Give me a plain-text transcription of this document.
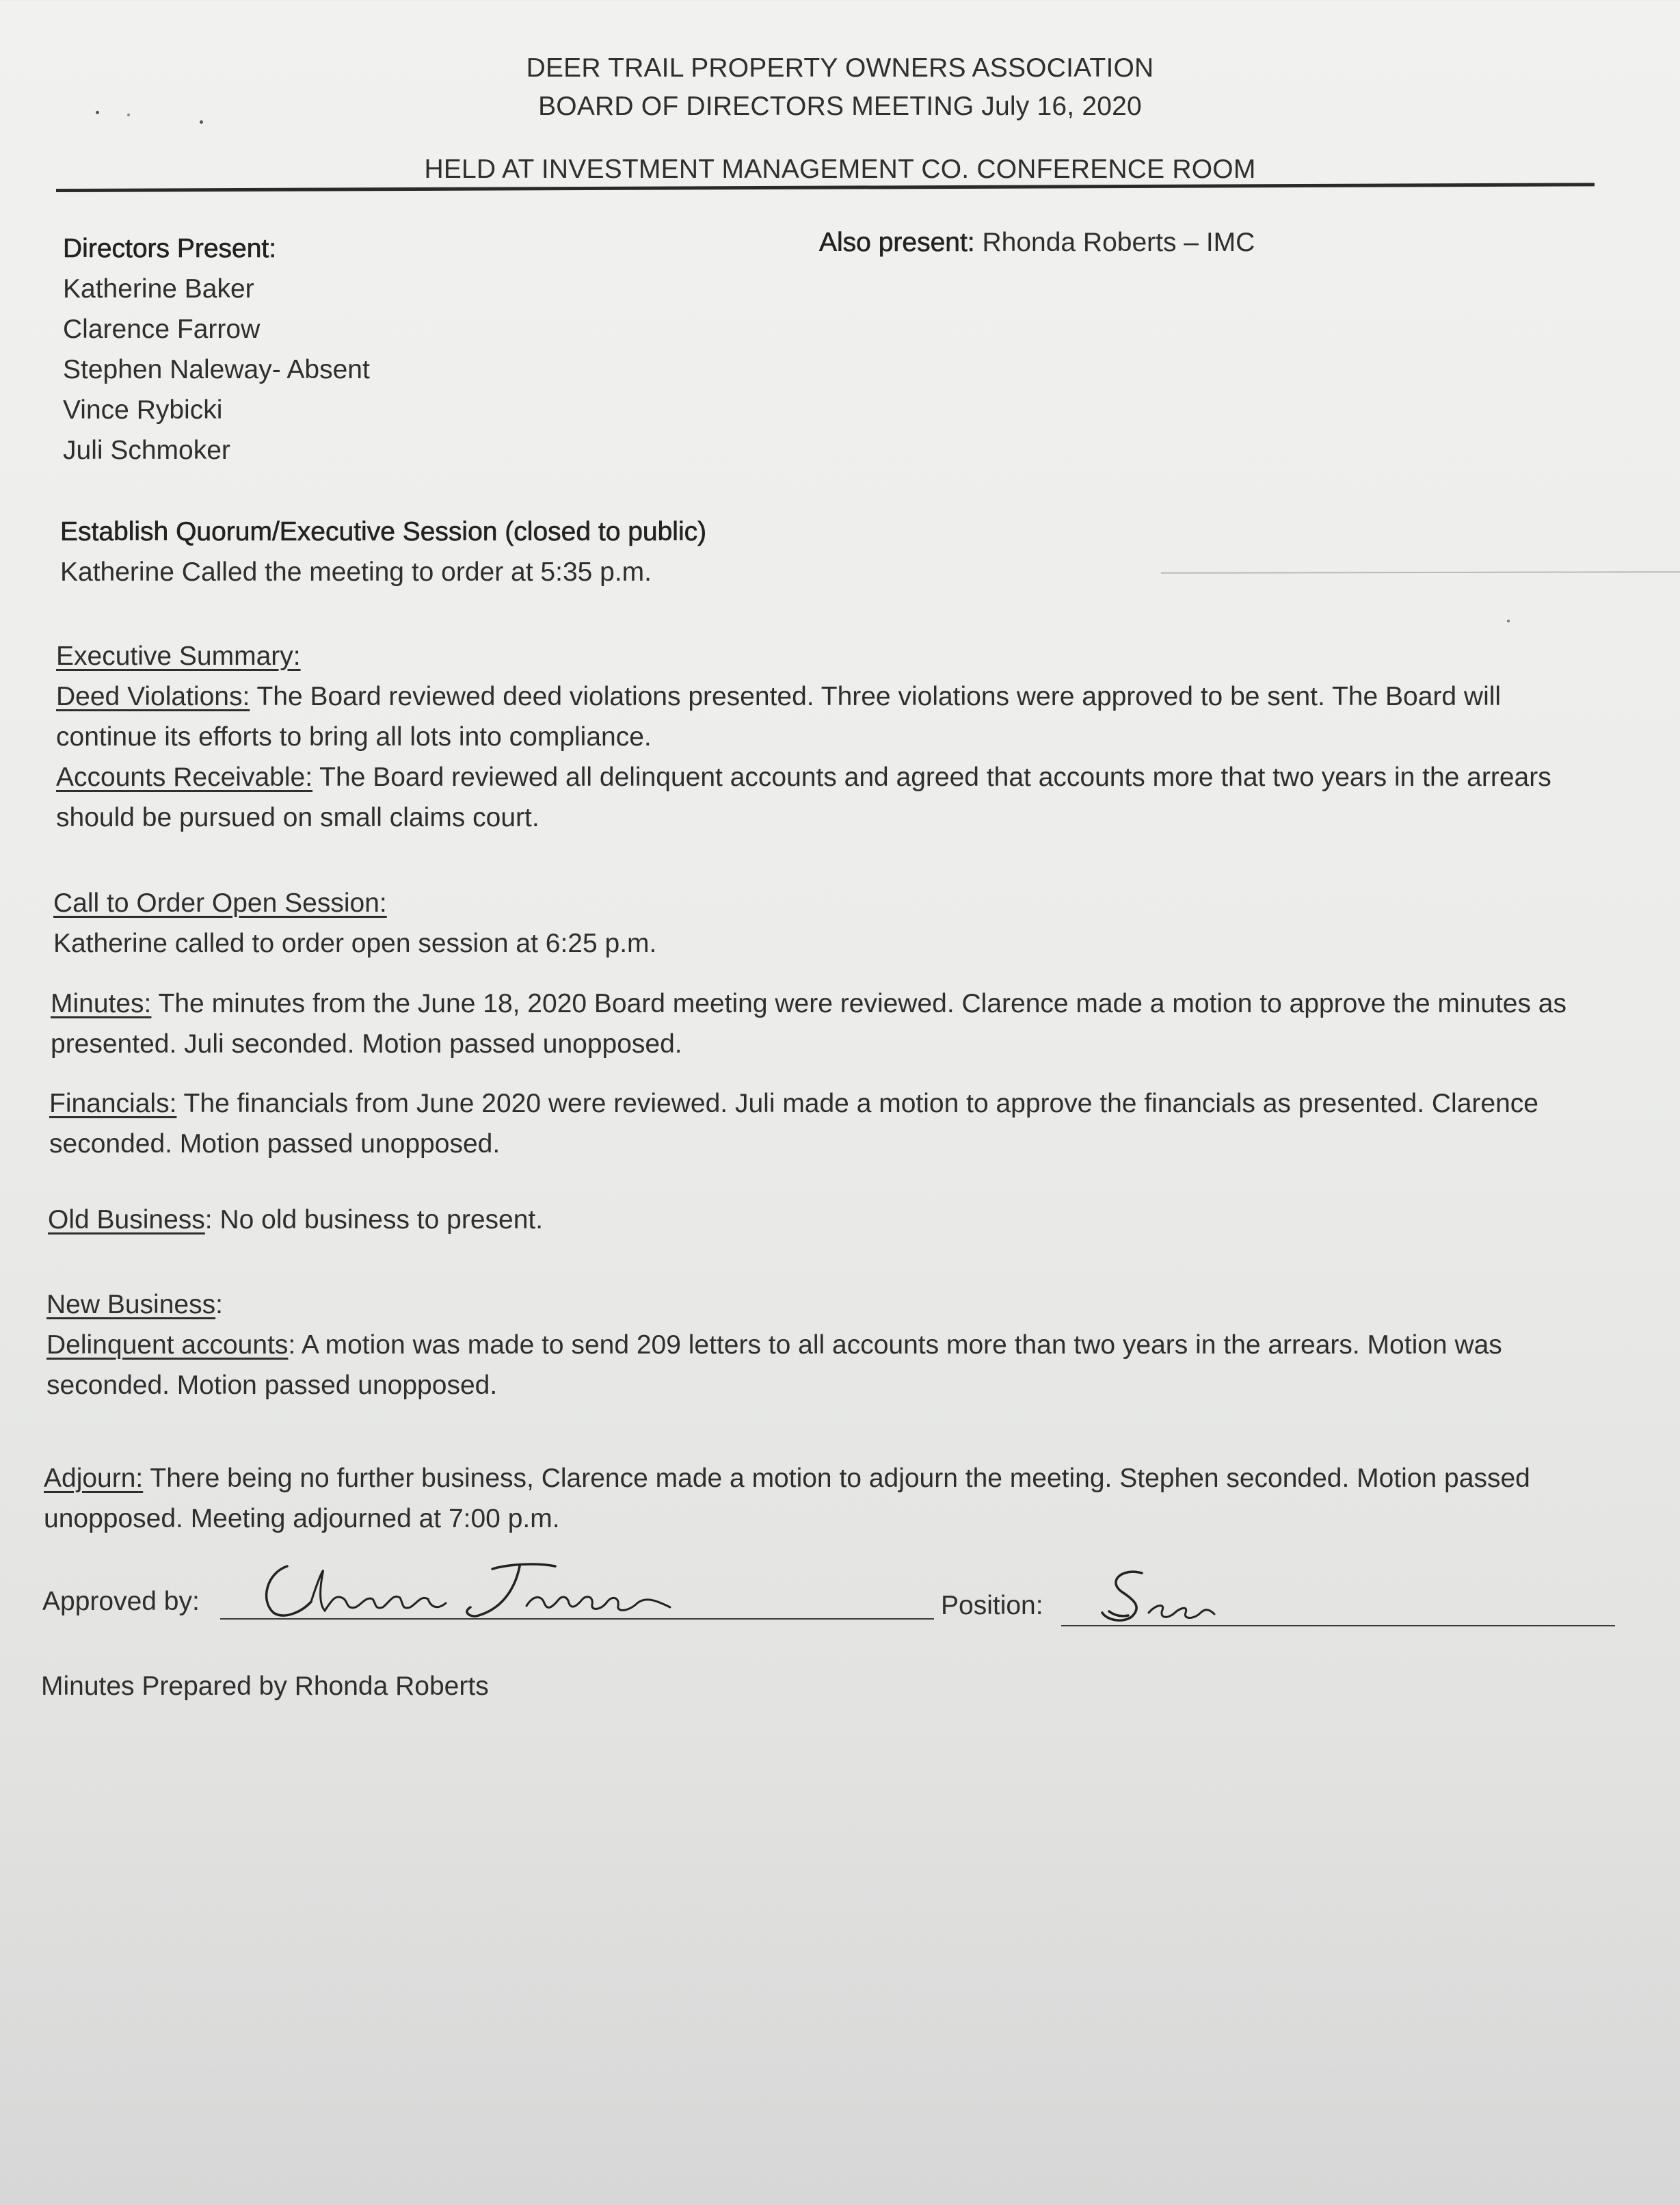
DEER TRAIL PROPERTY OWNERS ASSOCIATION
BOARD OF DIRECTORS MEETING July 16, 2020
HELD AT INVESTMENT MANAGEMENT CO. CONFERENCE ROOM

Directors Present:

Katherine Baker

Clarence Farrow

Stephen Naleway- Absent

Vince Rybicki

Juli Schmoker

Also present: Rhonda Roberts – IMC

Establish Quorum/Executive Session (closed to public)

Katherine Called the meeting to order at 5:35 p.m.

Executive Summary:

Deed Violations: The Board reviewed deed violations presented. Three violations were approved to be sent. The Board will continue its efforts to bring all lots into compliance.

Accounts Receivable: The Board reviewed all delinquent accounts and agreed that accounts more that two years in the arrears should be pursued on small claims court.

Call to Order Open Session:

Katherine called to order open session at 6:25 p.m.

Minutes: The minutes from the June 18, 2020 Board meeting were reviewed. Clarence made a motion to approve the minutes as presented. Juli seconded. Motion passed unopposed.

Financials: The financials from June 2020 were reviewed. Juli made a motion to approve the financials as presented. Clarence seconded. Motion passed unopposed.

Old Business: No old business to present.

New Business:

Delinquent accounts: A motion was made to send 209 letters to all accounts more than two years in the arrears. Motion was seconded. Motion passed unopposed.

Adjourn: There being no further business, Clarence made a motion to adjourn the meeting. Stephen seconded. Motion passed unopposed. Meeting adjourned at 7:00 p.m.

Approved by:	Position:
Minutes Prepared by Rhonda Roberts
